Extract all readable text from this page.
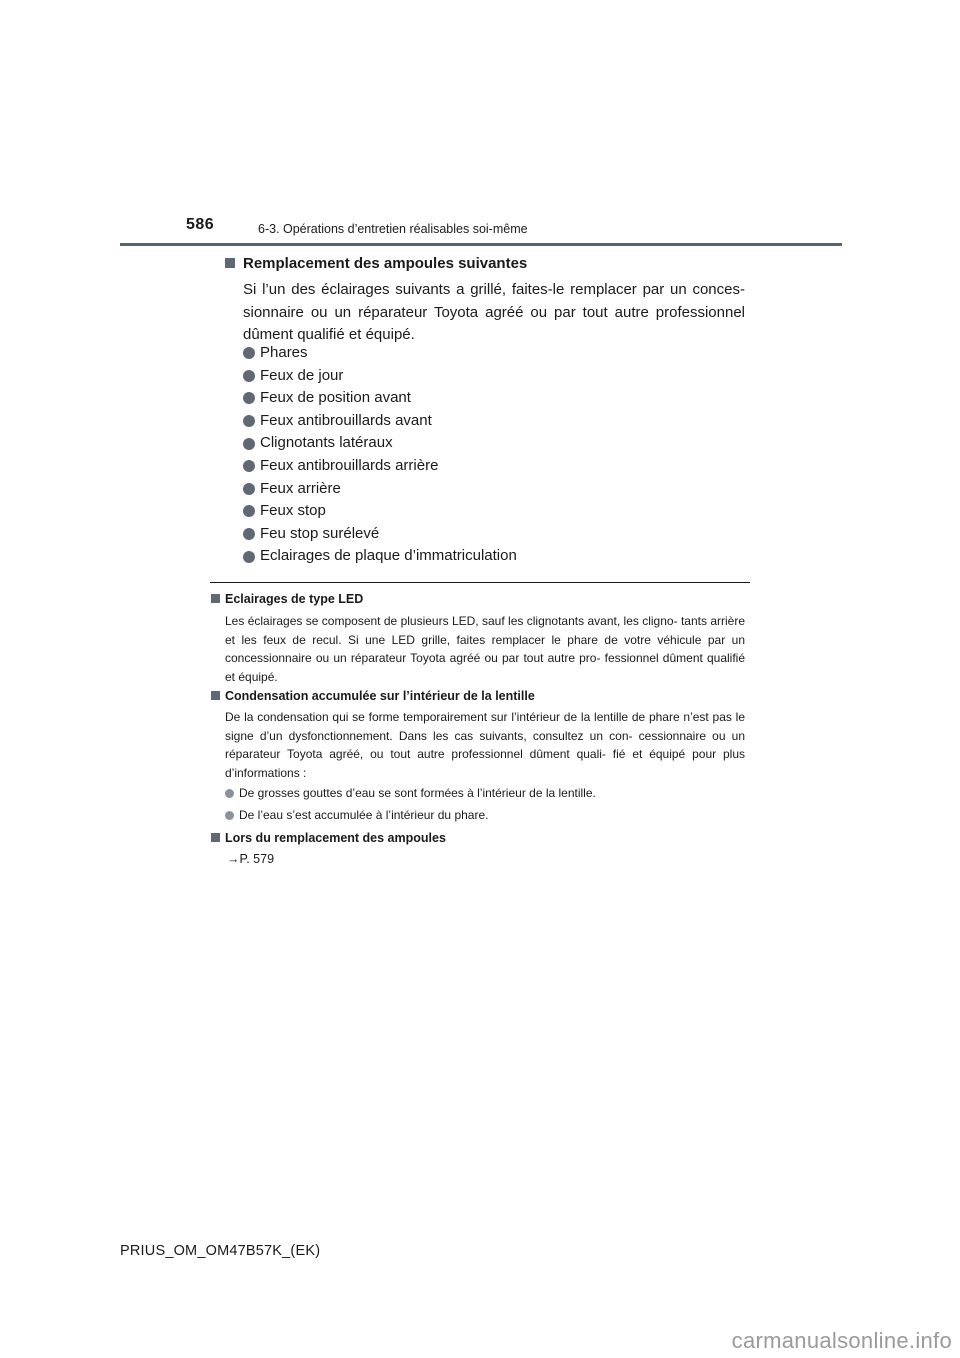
586	6-3. Opérations d’entretien réalisables soi-même
Remplacement des ampoules suivantes

Si l’un des éclairages suivants a grillé, faites-le remplacer par un conces- sionnaire ou un réparateur Toyota agréé ou par tout autre professionnel dûment qualifié et équipé.

Phares
Feux de jour
Feux de position avant
Feux antibrouillards avant
Clignotants latéraux
Feux antibrouillards arrière
Feux arrière
Feux stop
Feu stop surélevé
Eclairages de plaque d’immatriculation
Eclairages de type LED

Les éclairages se composent de plusieurs LED, sauf les clignotants avant, les cligno- tants arrière et les feux de recul. Si une LED grille, faites remplacer le phare de votre véhicule par un concessionnaire ou un réparateur Toyota agréé ou par tout autre pro- fessionnel dûment qualifié et équipé.

Condensation accumulée sur l’intérieur de la lentille

De la condensation qui se forme temporairement sur l’intérieur de la lentille de phare n’est pas le signe d’un dysfonctionnement. Dans les cas suivants, consultez un con- cessionnaire ou un réparateur Toyota agréé, ou tout autre professionnel dûment quali- fié et équipé pour plus d’informations :

De grosses gouttes d’eau se sont formées à l’intérieur de la lentille.
De l’eau s’est accumulée à l’intérieur du phare.
Lors du remplacement des ampoules
→P. 579
PRIUS_OM_OM47B57K_(EK)
carmanualsonline.info
